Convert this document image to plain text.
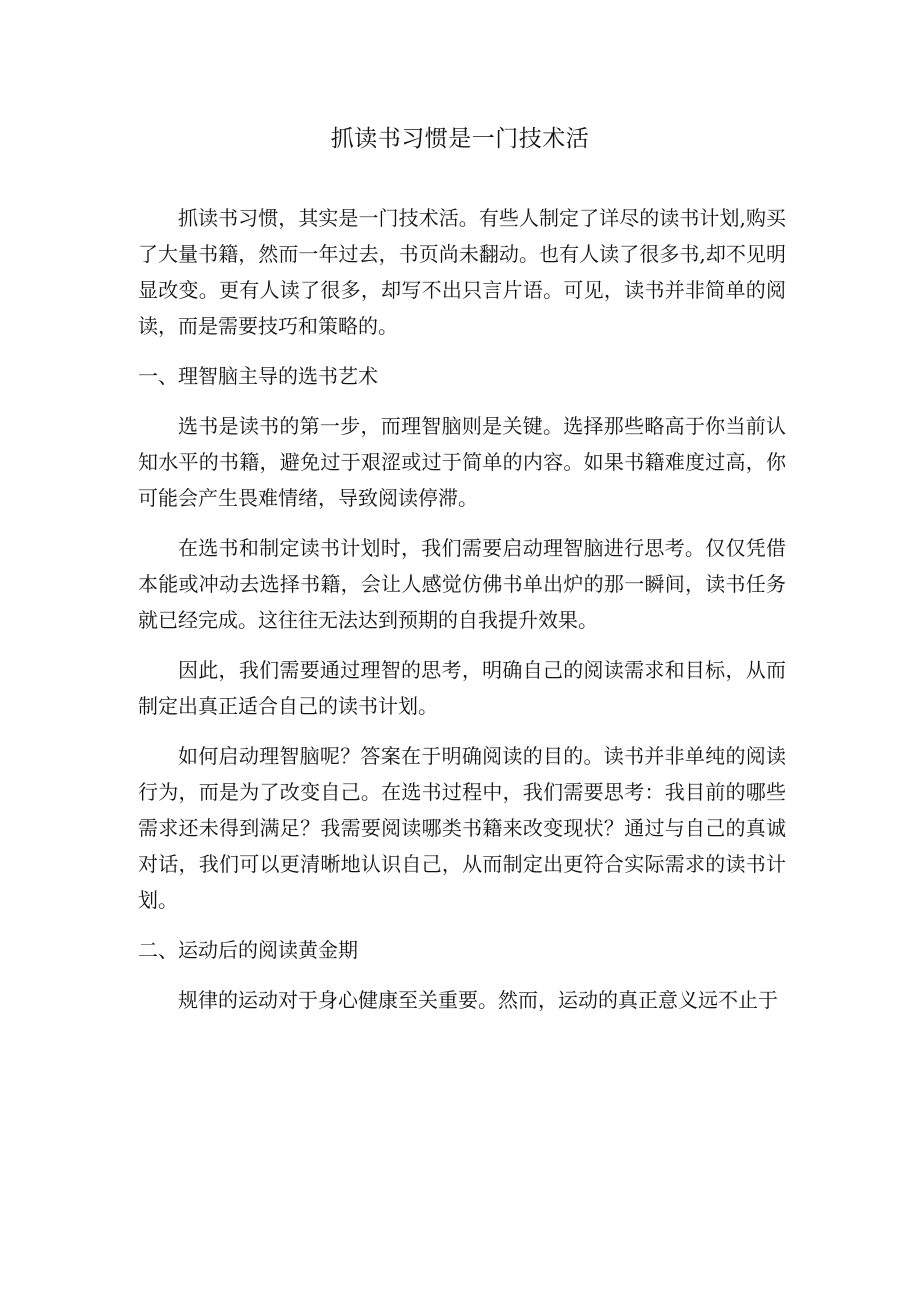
抓读书习惯是一门技术活

抓读书习惯，其实是一门技术活。有些人制定了详尽的读书计划,购买了大量书籍，然而一年过去，书页尚未翻动。也有人读了很多书,却不见明显改变。更有人读了很多，却写不出只言片语。可见，读书并非简单的阅读，而是需要技巧和策略的。

一、理智脑主导的选书艺术

选书是读书的第一步，而理智脑则是关键。选择那些略高于你当前认知水平的书籍，避免过于艰涩或过于简单的内容。如果书籍难度过高，你可能会产生畏难情绪，导致阅读停滞。

在选书和制定读书计划时，我们需要启动理智脑进行思考。仅仅凭借本能或冲动去选择书籍，会让人感觉仿佛书单出炉的那一瞬间，读书任务就已经完成。这往往无法达到预期的自我提升效果。

因此，我们需要通过理智的思考，明确自己的阅读需求和目标，从而制定出真正适合自己的读书计划。

如何启动理智脑呢？答案在于明确阅读的目的。读书并非单纯的阅读行为，而是为了改变自己。在选书过程中，我们需要思考：我目前的哪些需求还未得到满足？我需要阅读哪类书籍来改变现状？通过与自己的真诚对话，我们可以更清晰地认识自己，从而制定出更符合实际需求的读书计划。

二、运动后的阅读黄金期

规律的运动对于身心健康至关重要。然而，运动的真正意义远不止于
